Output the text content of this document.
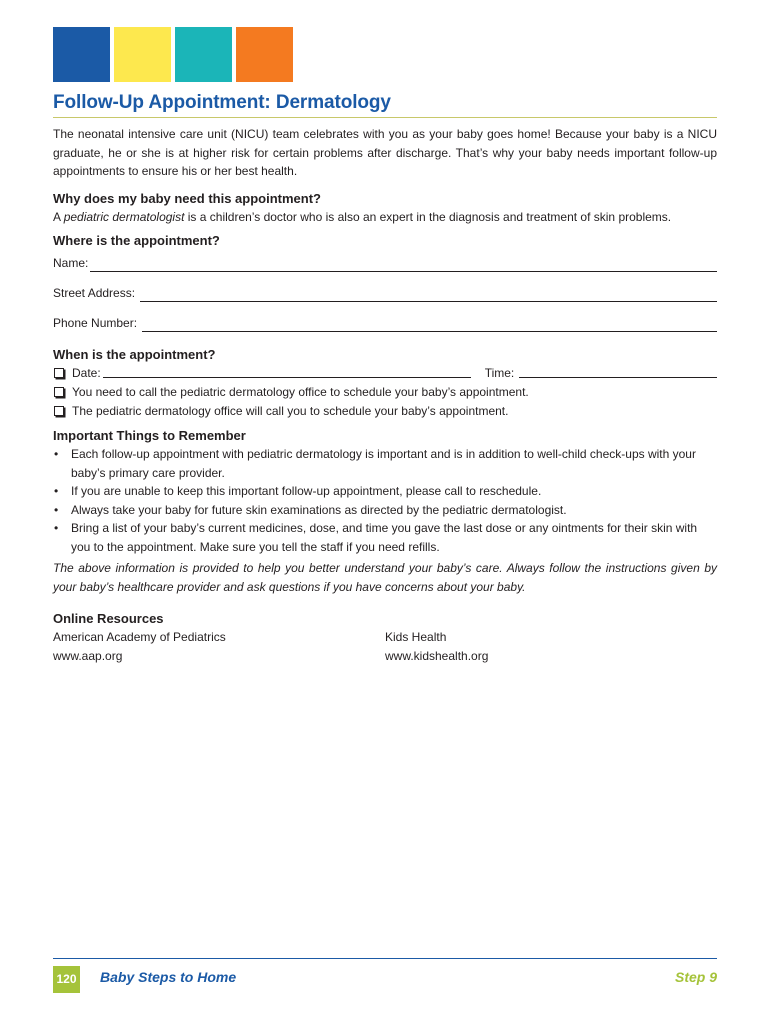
Follow-Up Appointment: Dermatology

The neonatal intensive care unit (NICU) team celebrates with you as your baby goes home! Because your baby is a NICU graduate, he or she is at higher risk for certain problems after discharge. That’s why your baby needs important follow-up appointments to ensure his or her best health.

Why does my baby need this appointment?

A pediatric dermatologist is a children’s doctor who is also an expert in the diagnosis and treatment of skin problems.

Where is the appointment?
Name:
Street Address:
Phone Number:
When is the appointment?
Date:	Time:
You need to call the pediatric dermatology office to schedule your baby’s appointment.
The pediatric dermatology office will call you to schedule your baby’s appointment.
Important Things to Remember
• Each follow-up appointment with pediatric dermatology is important and is in addition to well-child check-ups with your baby’s primary care provider.
• If you are unable to keep this important follow-up appointment, please call to reschedule.
• Always take your baby for future skin examinations as directed by the pediatric dermatologist.
• Bring a list of your baby’s current medicines, dose, and time you gave the last dose or any ointments for their skin with you to the appointment. Make sure you tell the staff if you need refills.

The above information is provided to help you better understand your baby’s care. Always follow the instructions given by your baby’s healthcare provider and ask questions if you have concerns about your baby.

Online Resources
American Academy of Pediatrics
www.aap.org
Kids Health
www.kidshealth.org
120 Baby Steps to Home	Step 9
